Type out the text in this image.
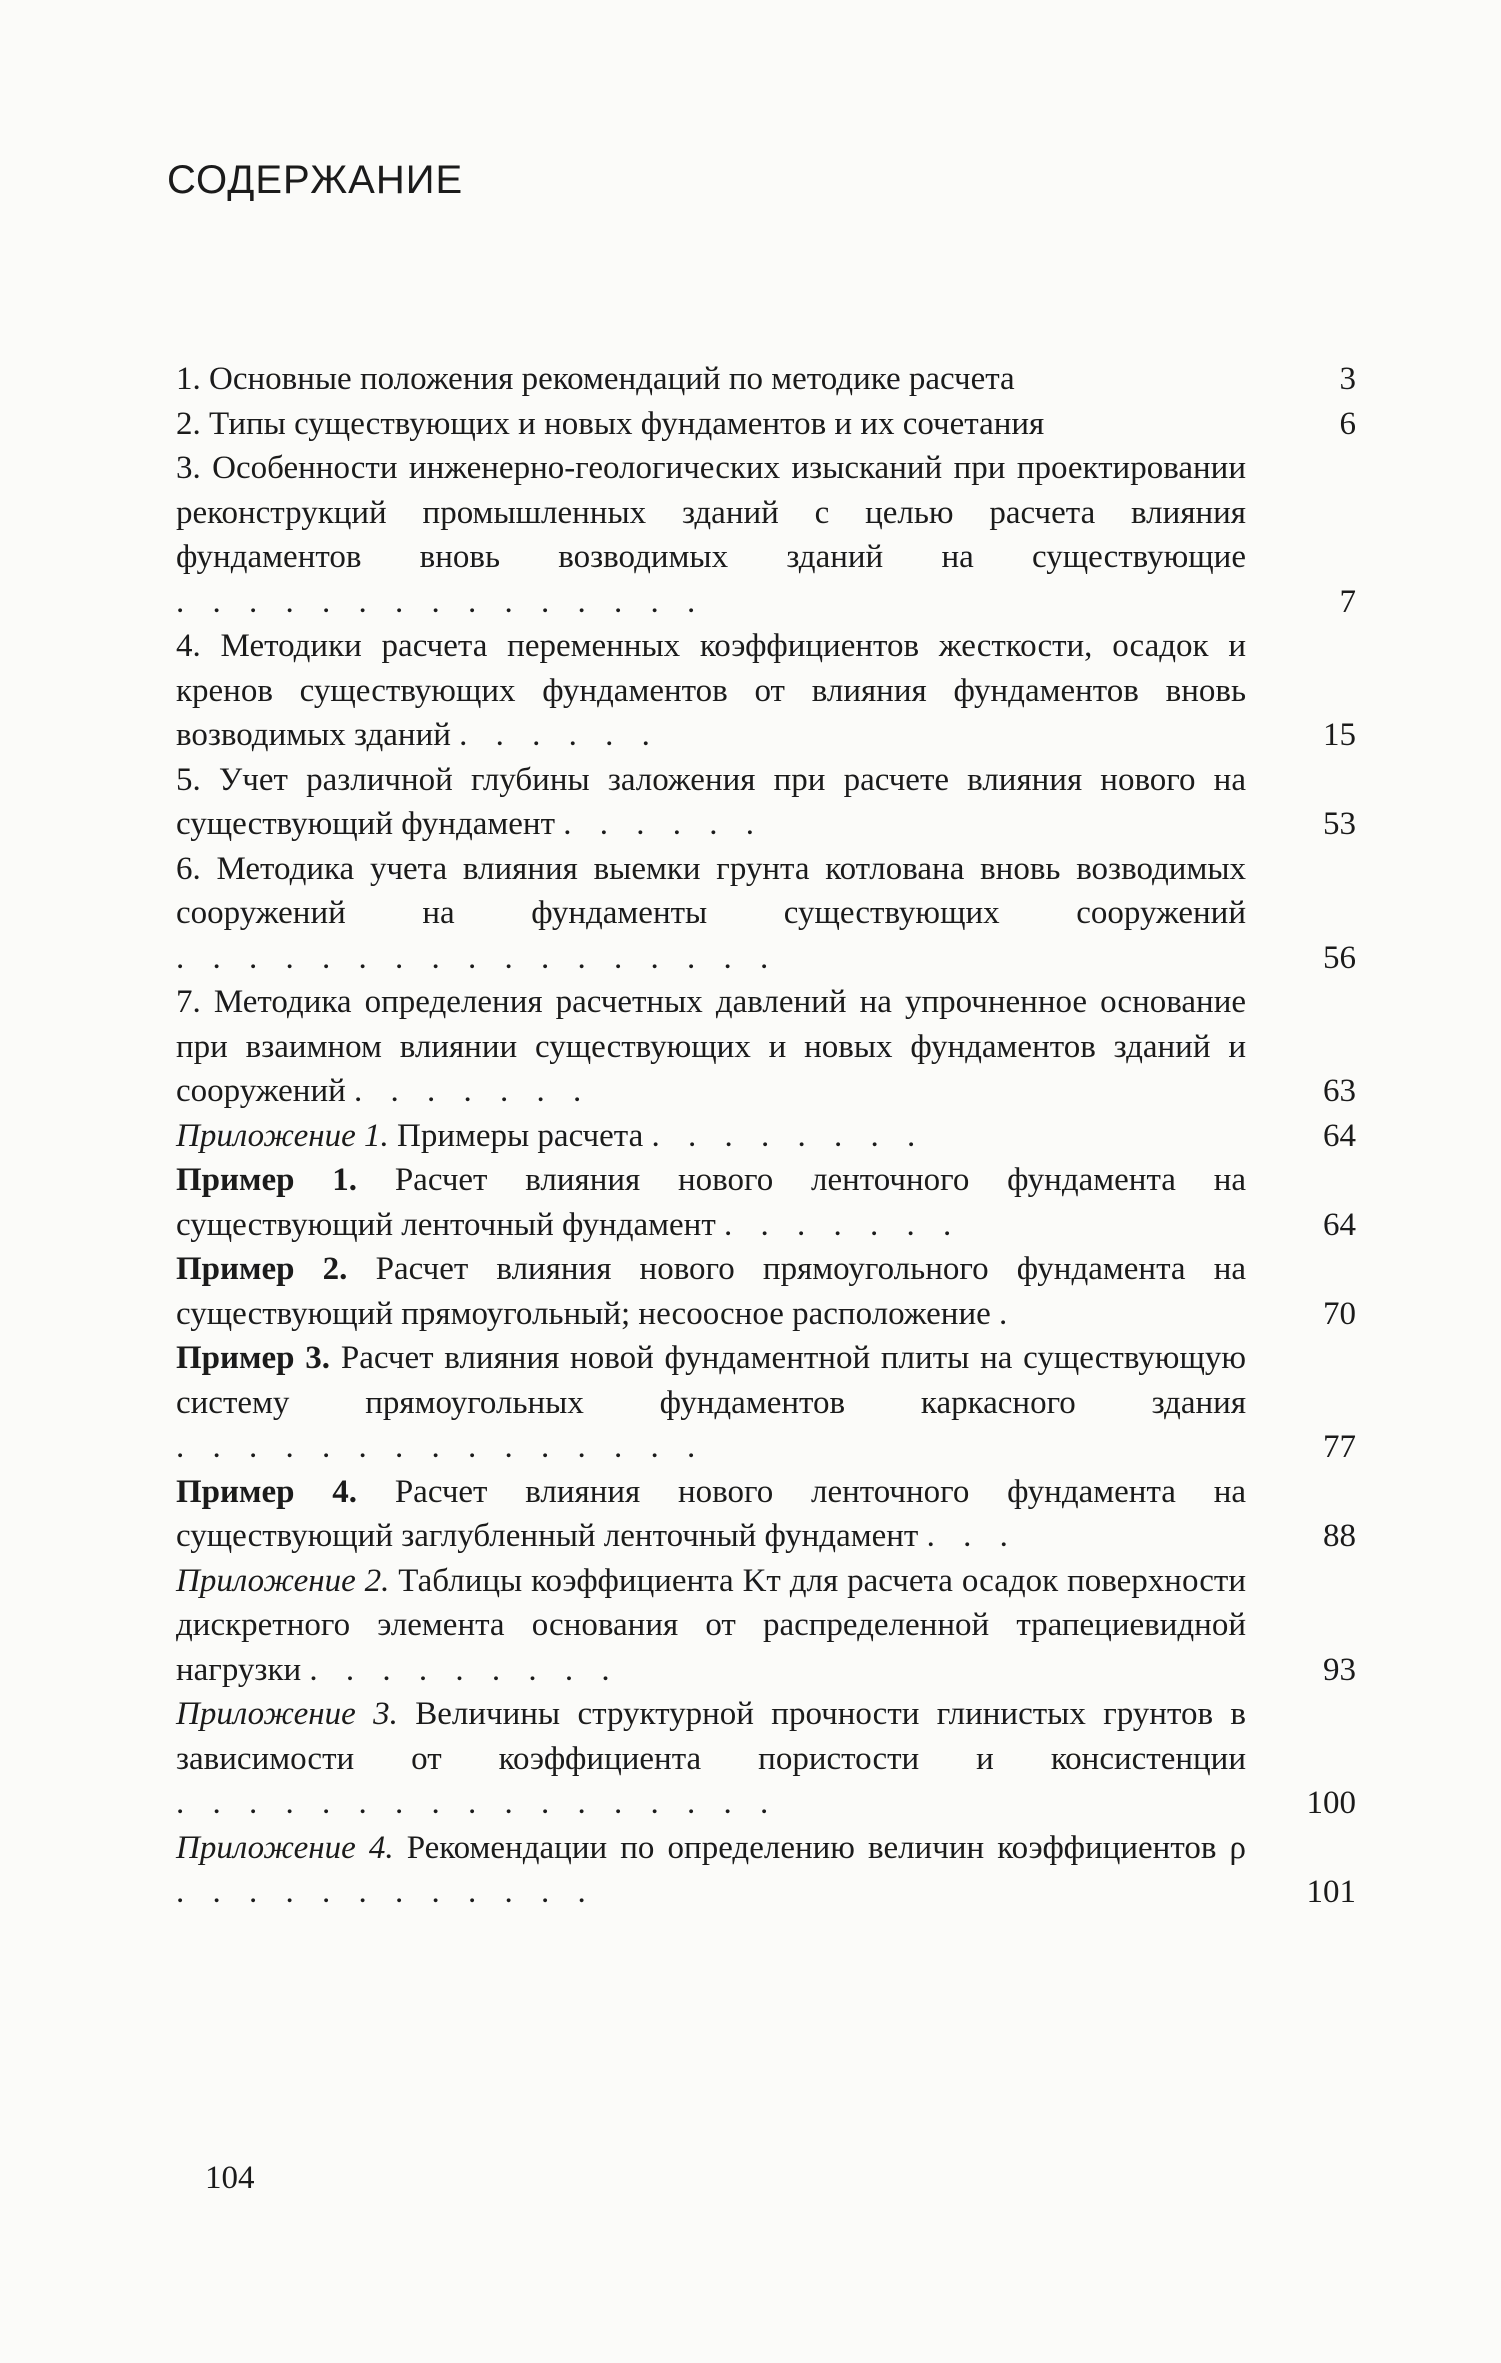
СОДЕРЖАНИЕ
1. Основные положения рекомендаций по методике расчета	3
2. Типы существующих и новых фундаментов и их сочетания	6
3. Особенности инженерно-геологических изысканий при проектировании реконструкций промышленных зданий с целью расчета влияния фундаментов вновь возводимых зданий на существующие . . . . . . . . . . . . . . .	7
4. Методики расчета переменных коэффициентов жесткости, осадок и кренов существующих фундаментов от влияния фундаментов вновь возводимых зданий . . . . . .	15
5. Учет различной глубины заложения при расчете влияния нового на существующий фундамент . . . . . .	53
6. Методика учета влияния выемки грунта котлована вновь возводимых сооружений на фундаменты существующих сооружений . . . . . . . . . . . . . . . . .	56
7. Методика определения расчетных давлений на упрочненное основание при взаимном влиянии существующих и новых фундаментов зданий и сооружений . . . . . . .	63
Приложение 1. Примеры расчета . . . . . . . .	64
Пример 1. Расчет влияния нового ленточного фундамента на существующий ленточный фундамент . . . . . . .	64
Пример 2. Расчет влияния нового прямоугольного фундамента на существующий прямоугольный; несоосное расположение .	70
Пример 3. Расчет влияния новой фундаментной плиты на существующую систему прямоугольных фундаментов каркасного здания . . . . . . . . . . . . . . .	77
Пример 4. Расчет влияния нового ленточного фундамента на существующий заглубленный ленточный фундамент . . .	88
Приложение 2. Таблицы коэффициента Kт для расчета осадок поверхности дискретного элемента основания от распределенной трапециевидной нагрузки . . . . . . . . .	93
Приложение 3. Величины структурной прочности глинистых грунтов в зависимости от коэффициента пористости и консистенции . . . . . . . . . . . . . . . . .	100
Приложение 4. Рекомендации по определению величин коэффициентов ρ . . . . . . . . . . . .	101
104
